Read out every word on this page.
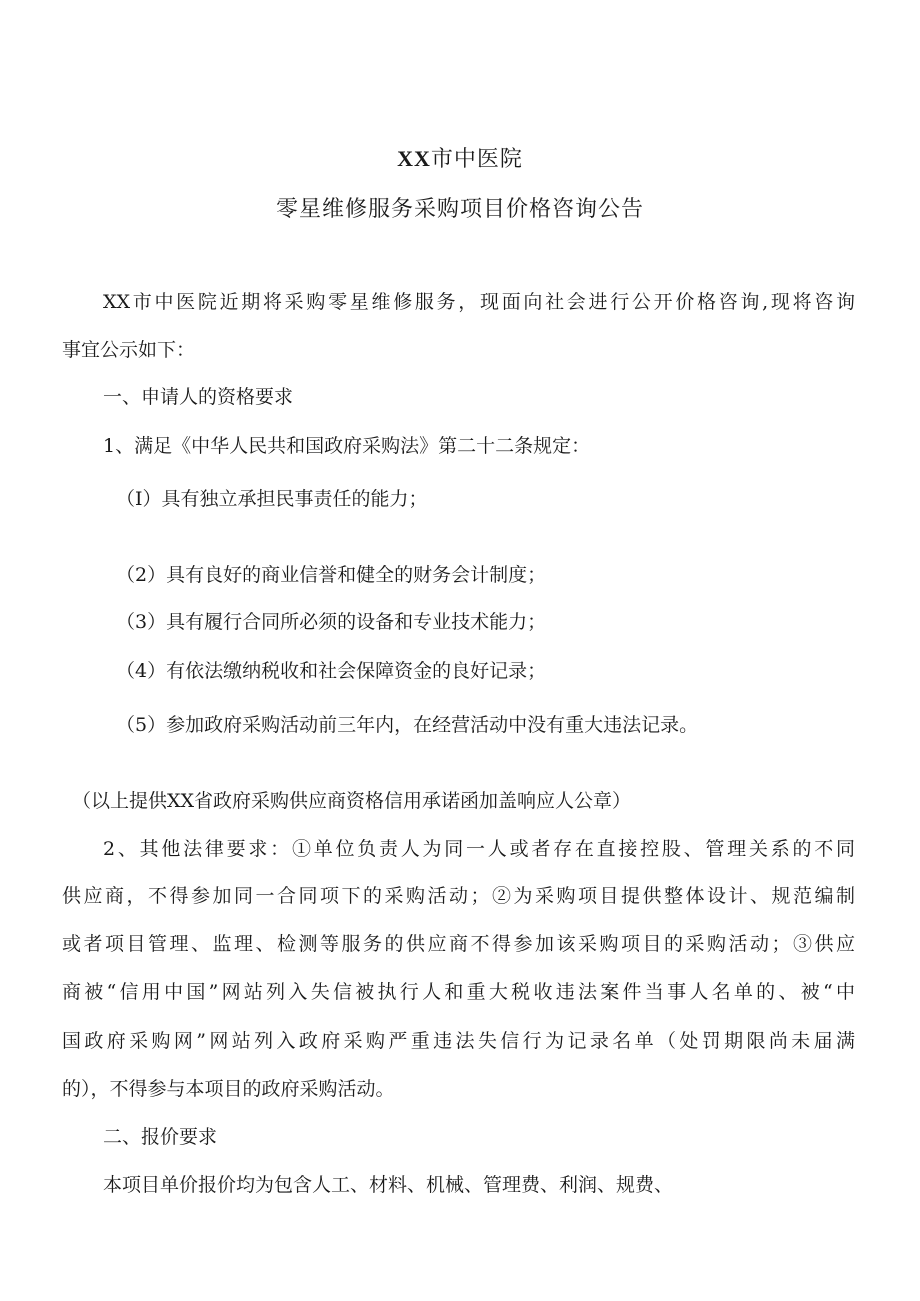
XX市中医院
零星维修服务采购项目价格咨询公告
XX市中医院近期将采购零星维修服务，现面向社会进行公开价格咨询,现将咨询
事宜公示如下：
一、申请人的资格要求
1、满足《中华人民共和国政府采购法》第二十二条规定：
（I）具有独立承担民事责任的能力；
（2）具有良好的商业信誉和健全的财务会计制度；
（3）具有履行合同所必须的设备和专业技术能力；
（4）有依法缴纳税收和社会保障资金的良好记录；
（5）参加政府采购活动前三年内，在经营活动中没有重大违法记录。
（以上提供XX省政府采购供应商资格信用承诺函加盖响应人公章）
2、其他法律要求：①单位负责人为同一人或者存在直接控股、管理关系的不同
供应商，不得参加同一合同项下的采购活动；②为采购项目提供整体设计、规范编制
或者项目管理、监理、检测等服务的供应商不得参加该采购项目的采购活动；③供应
商被“信用中国”网站列入失信被执行人和重大税收违法案件当事人名单的、被“中
国政府采购网”网站列入政府采购严重违法失信行为记录名单（处罚期限尚未届满
的），不得参与本项目的政府采购活动。
二、报价要求
本项目单价报价均为包含人工、材料、机械、管理费、利润、规费、
